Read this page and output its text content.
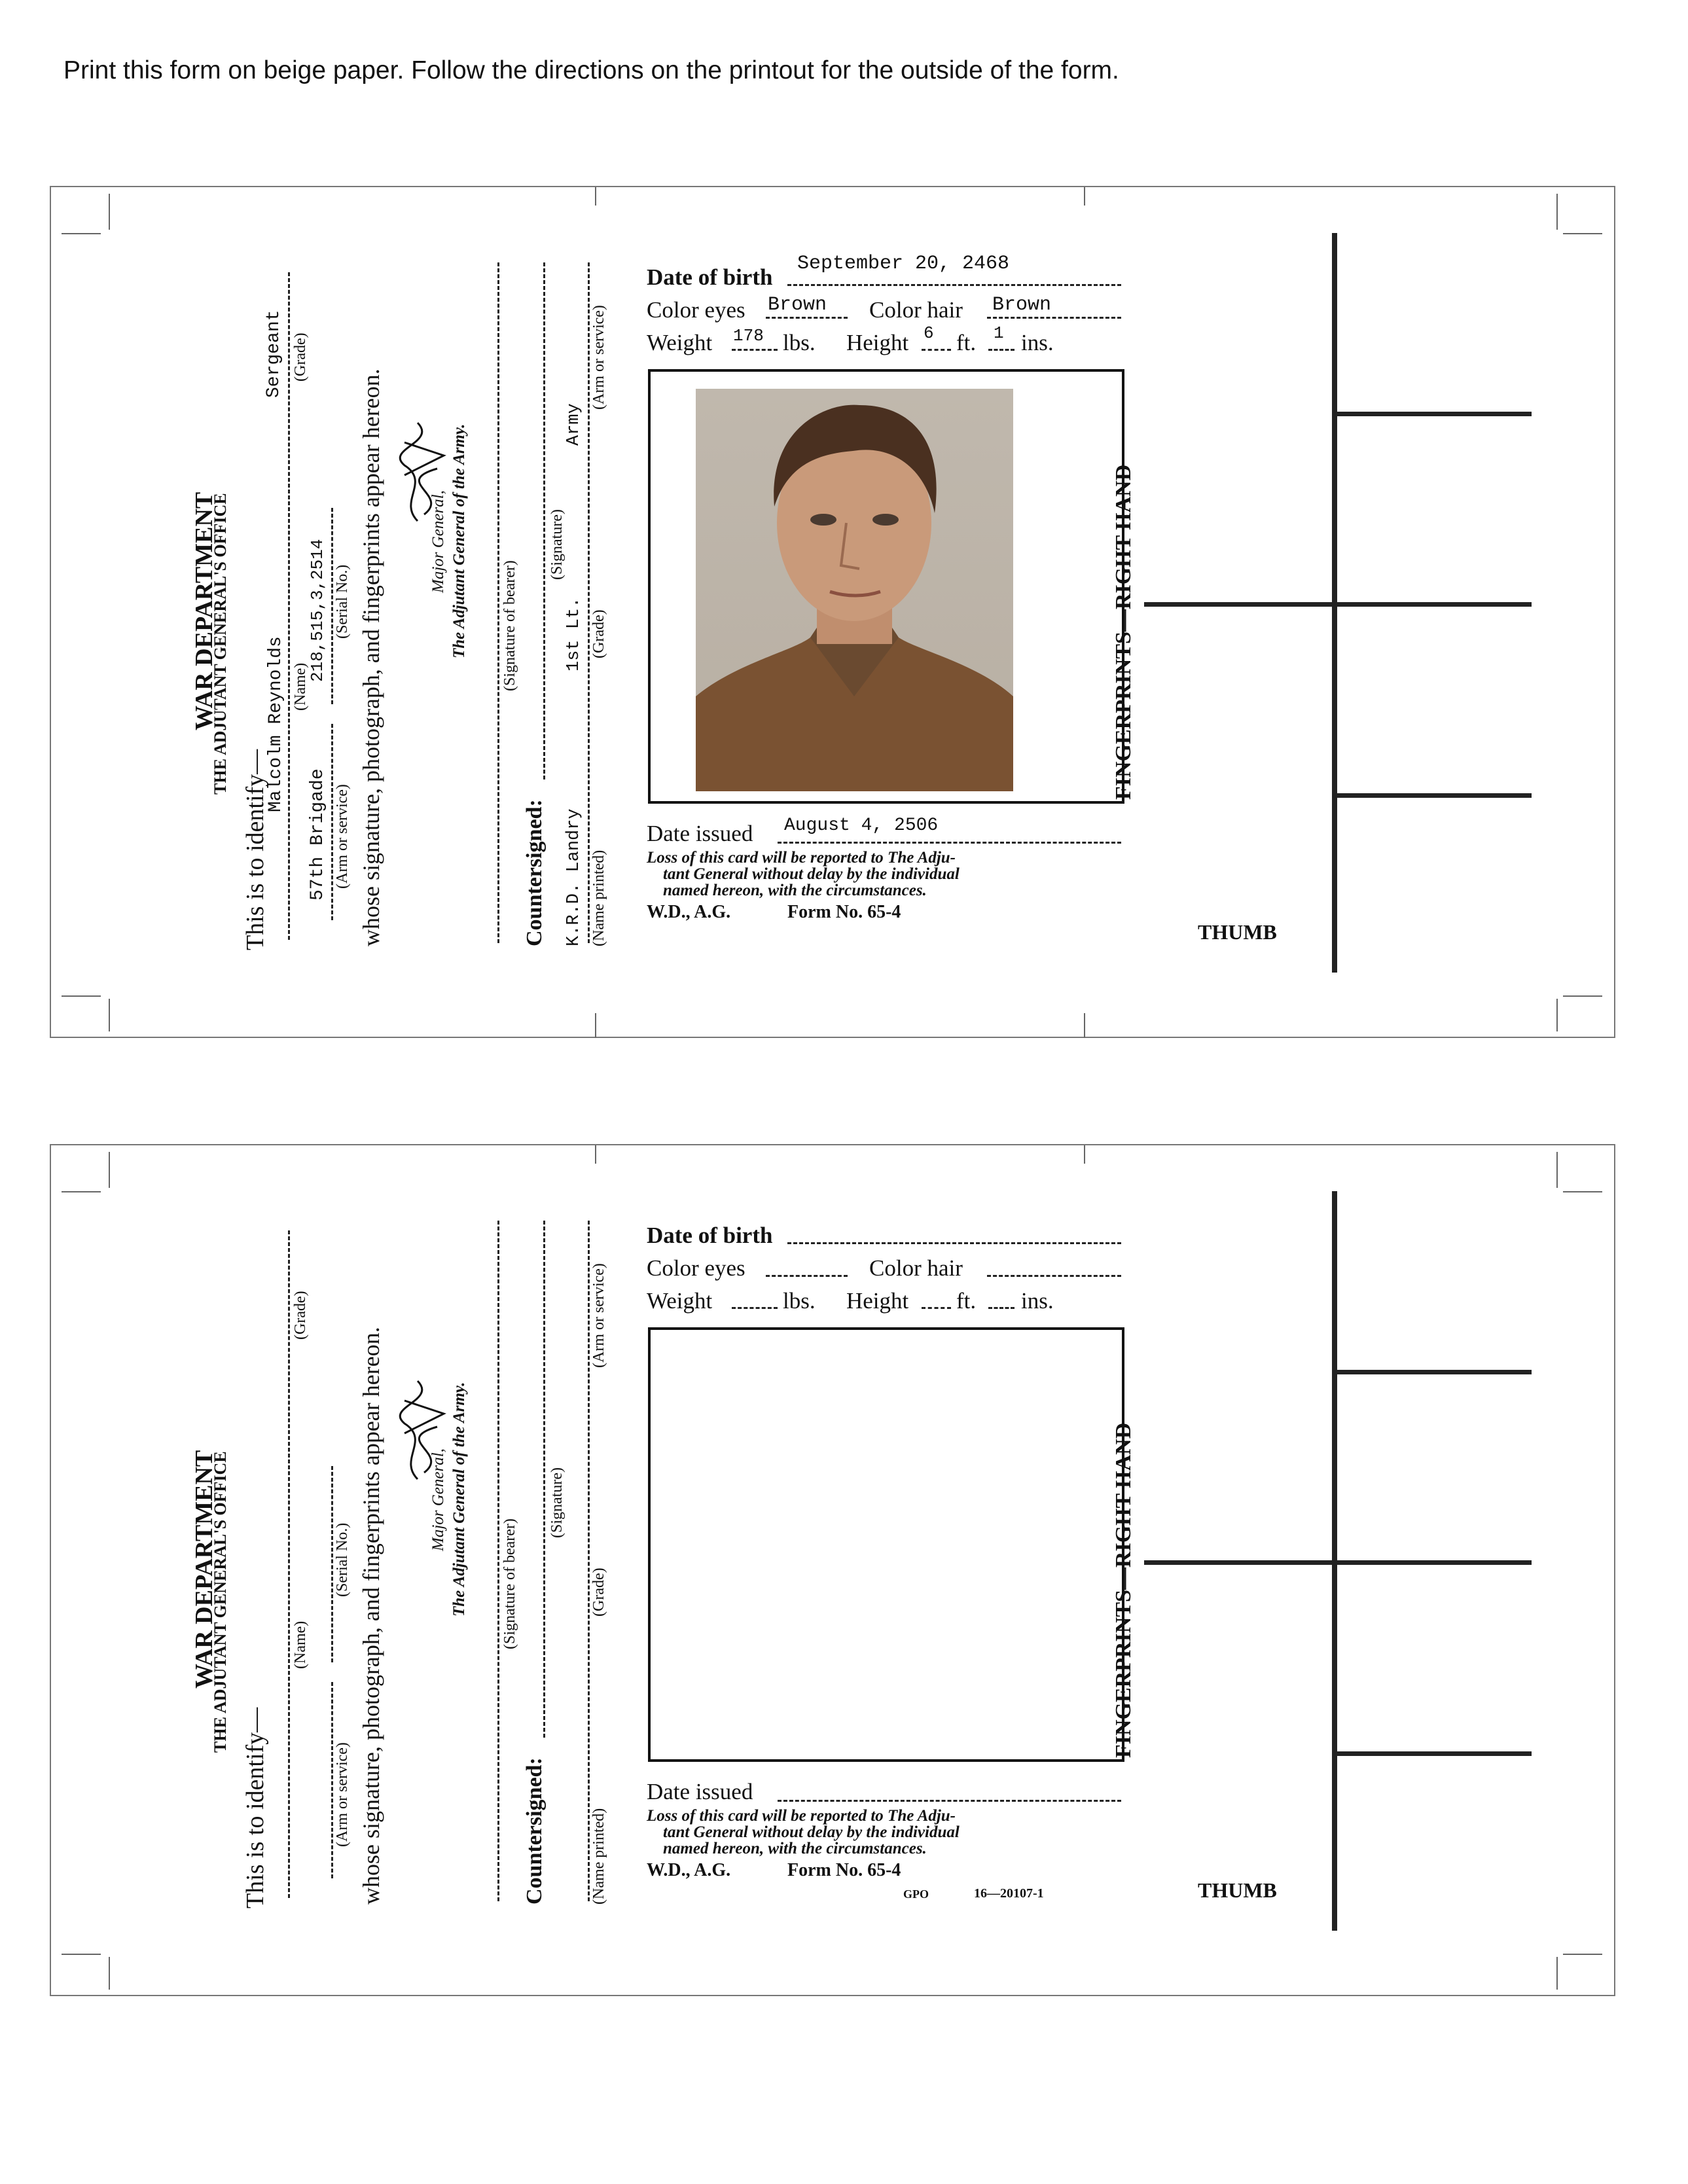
Print this form on beige paper. Follow the directions on the printout for the outside of the form.
WAR DEPARTMENT
THE ADJUTANT GENERAL'S OFFICE
This is to identify—
Malcolm Reynolds
Sergeant
(Name)
(Grade)
57th Brigade
218,515,3,2514
(Arm or service)
(Serial No.) whose signature, photograph, and fingerprints appear hereon.	Major General, The Adjutant General of the Army. (Signature of bearer)
Countersigned:
(Signature)
K.R.D. Landry
1st Lt.
Army
(Name printed)
(Grade)
(Arm or service)
Date of birth
September 20, 2468
Color eyes Brown Color hair Brown
Weight 178 lbs. Height 6 ft. 1 ins.
Date issued August 4, 2506
Loss of this card will be reported to The Adju-
tant General without delay by the individual
named hereon, with the circumstances.
W.D., A.G.	Form No. 65-4
FINGERPRINTS—RIGHT HAND
THUMB
WAR DEPARTMENT
THE ADJUTANT GENERAL'S OFFICE
This is to identify—
(Name)
(Grade)
(Arm or service)
(Serial No.) whose signature, photograph, and fingerprints appear hereon.	Major General, The Adjutant General of the Army. (Signature of bearer)
Countersigned:
(Signature)
(Name printed)
(Grade)
(Arm or service)
Date of birth
Color eyes	Color hair
Weight	lbs. Height ft. ins.
Date issued
Loss of this card will be reported to The Adju-
tant General without delay by the individual
named hereon, with the circumstances.
W.D., A.G.	Form No. 65-4
GPO	16—20107-1
FINGERPRINTS—RIGHT HAND
THUMB
